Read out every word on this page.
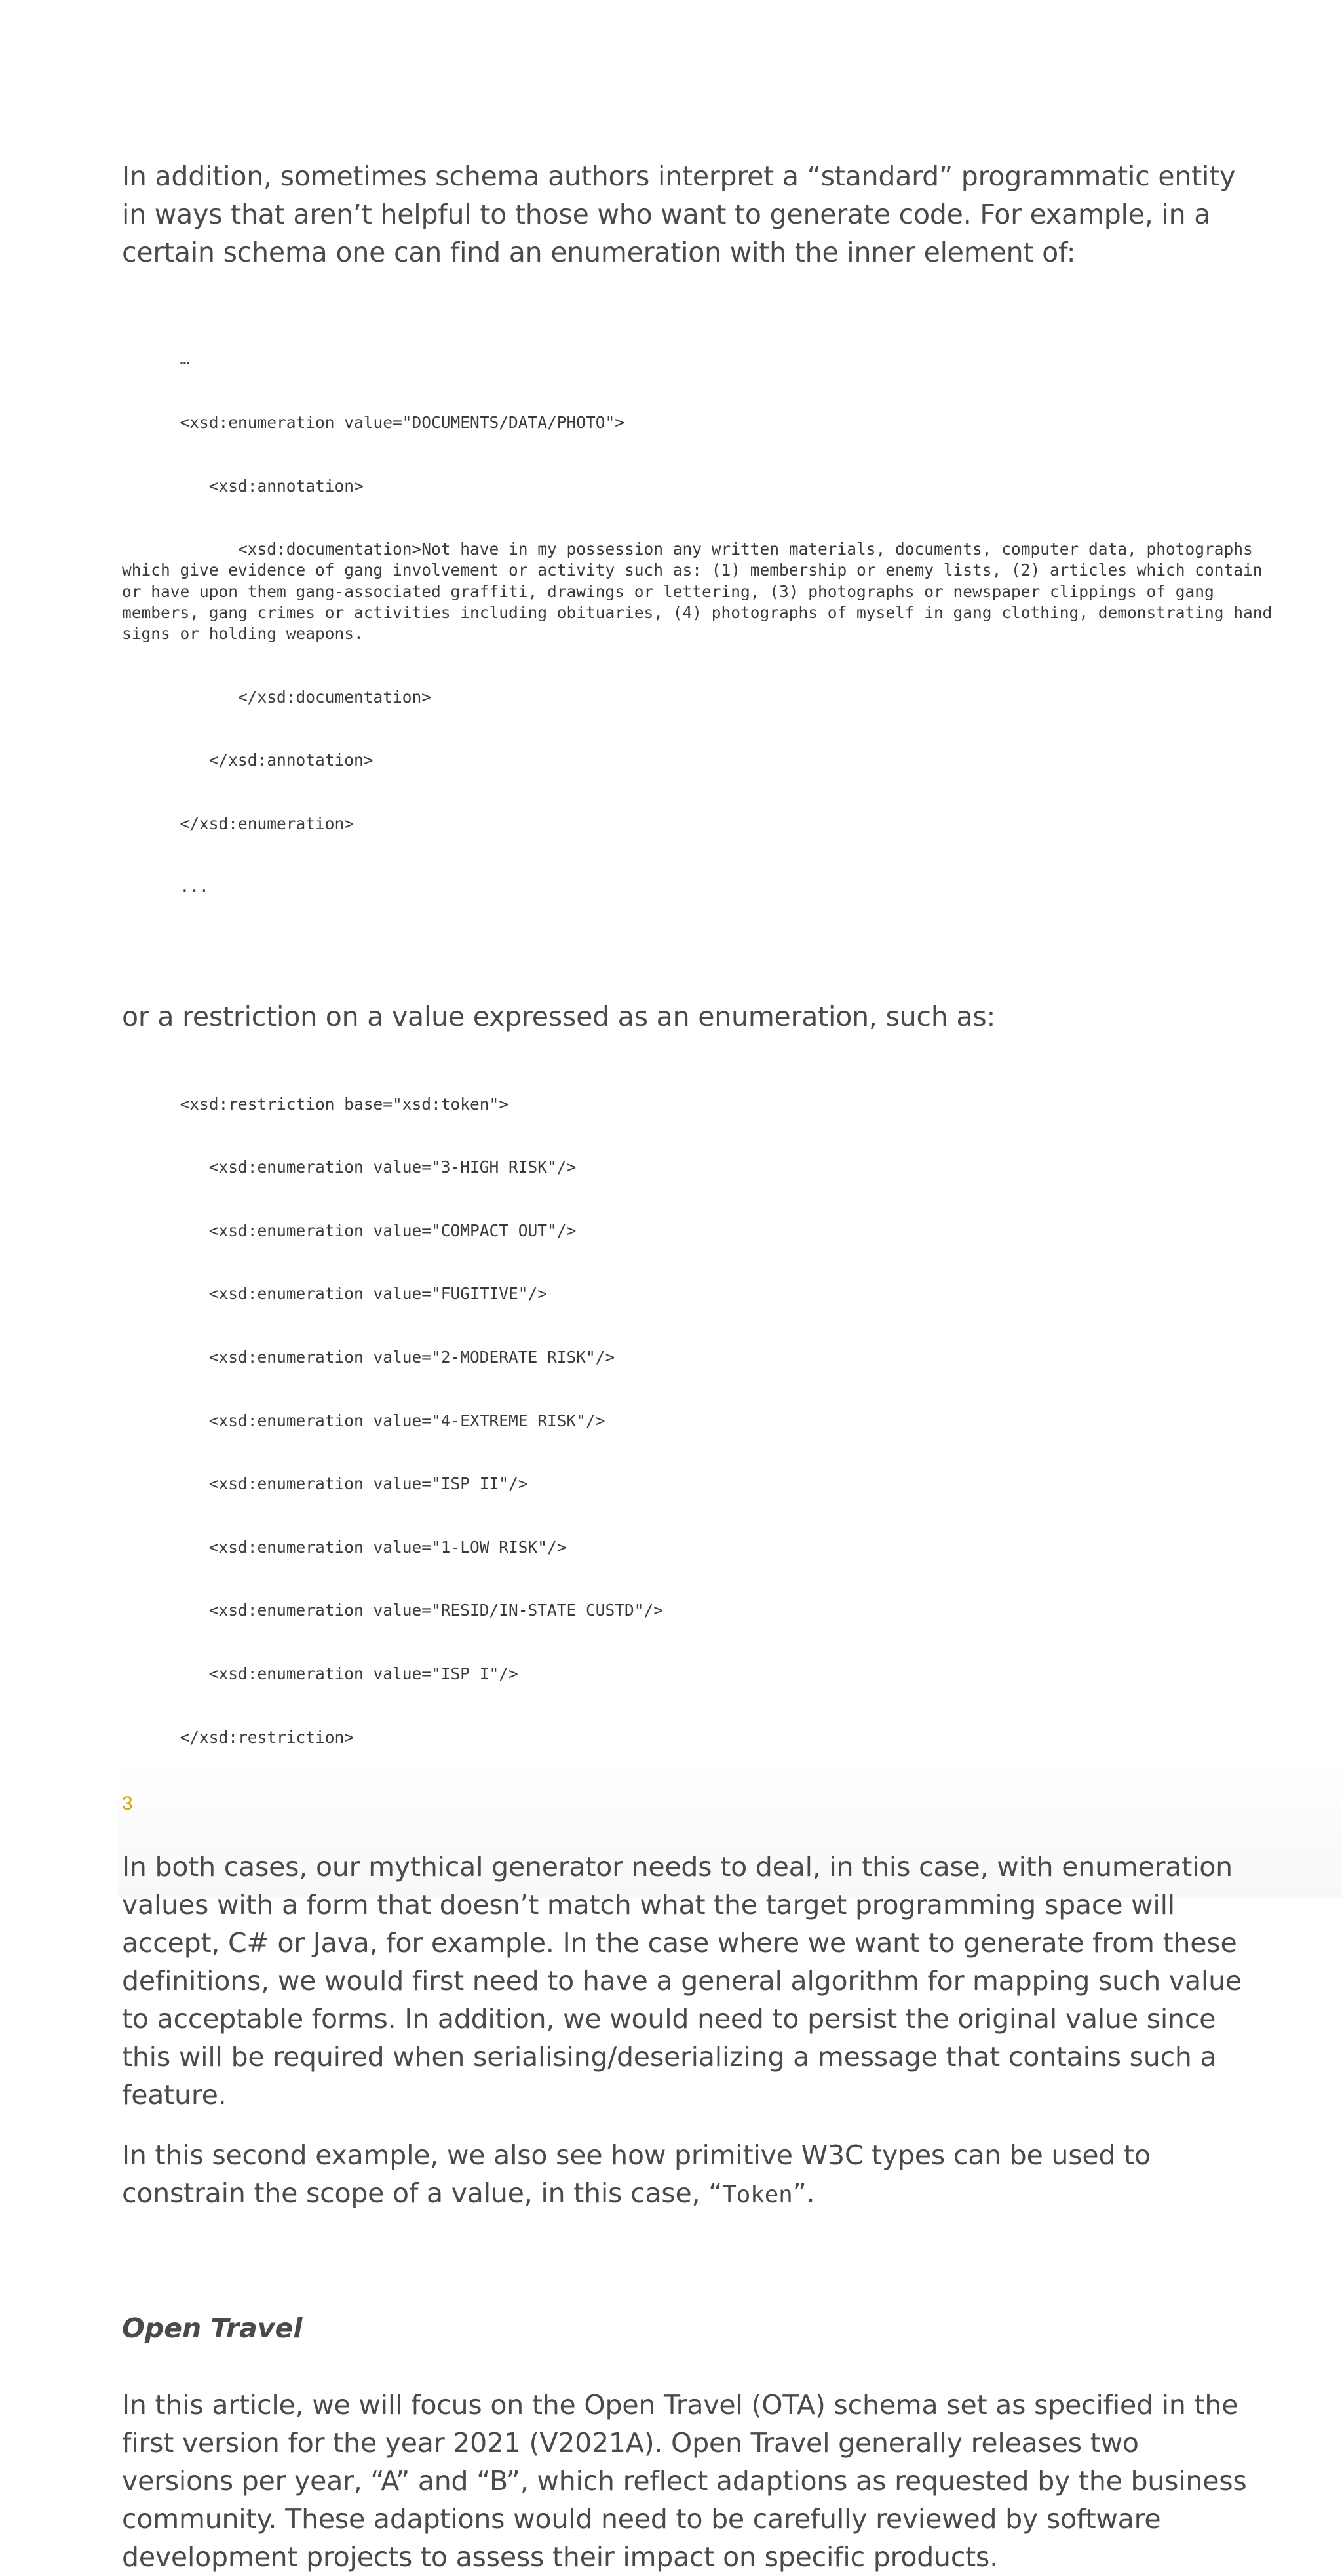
In addition, sometimes schema authors interpret a “standard” programmatic entity
in ways that aren’t helpful to those who want to generate code. For example, in a
certain schema one can find an enumeration with the inner element of:

…

<xsd:enumeration value="DOCUMENTS/DATA/PHOTO">

<xsd:annotation>

<xsd:documentation>Not have in my possession any written materials, documents, computer data, photographs which give evidence of gang involvement or activity such as: (1) membership or enemy lists, (2) articles which contain or have upon them gang-associated graffiti, drawings or lettering, (3) photographs or newspaper clippings of gang members, gang crimes or activities including obituaries, (4) photographs of myself in gang clothing, demonstrating hand signs or holding weapons.

</xsd:documentation>

</xsd:annotation>

</xsd:enumeration>

...

or a restriction on a value expressed as an enumeration, such as:

<xsd:restriction base="xsd:token">

<xsd:enumeration value="3-HIGH RISK"/>

<xsd:enumeration value="COMPACT OUT"/>

<xsd:enumeration value="FUGITIVE"/>

<xsd:enumeration value="2-MODERATE RISK"/>

<xsd:enumeration value="4-EXTREME RISK"/>

<xsd:enumeration value="ISP II"/>

<xsd:enumeration value="1-LOW RISK"/>

<xsd:enumeration value="RESID/IN-STATE CUSTD"/>

<xsd:enumeration value="ISP I"/>

</xsd:restriction>

In both cases, our mythical generator needs to deal, in this case, with enumeration
values with a form that doesn’t match what the target programming space will
accept, C# or Java, for example. In the case where we want to generate from these
definitions, we would first need to have a general algorithm for mapping such value
to acceptable forms. In addition, we would need to persist the original value since
this will be required when serialising/deserializing a message that contains such a
feature.

In this second example, we also see how primitive W3C types can be used to
constrain the scope of a value, in this case, “Token”.

Open Travel

In this article, we will focus on the Open Travel (OTA) schema set as specified in the
first version for the year 2021 (V2021A). Open Travel generally releases two
versions per year, “A” and “B”, which reflect adaptions as requested by the business
community. These adaptions would need to be carefully reviewed by software
development projects to assess their impact on specific products.

3
